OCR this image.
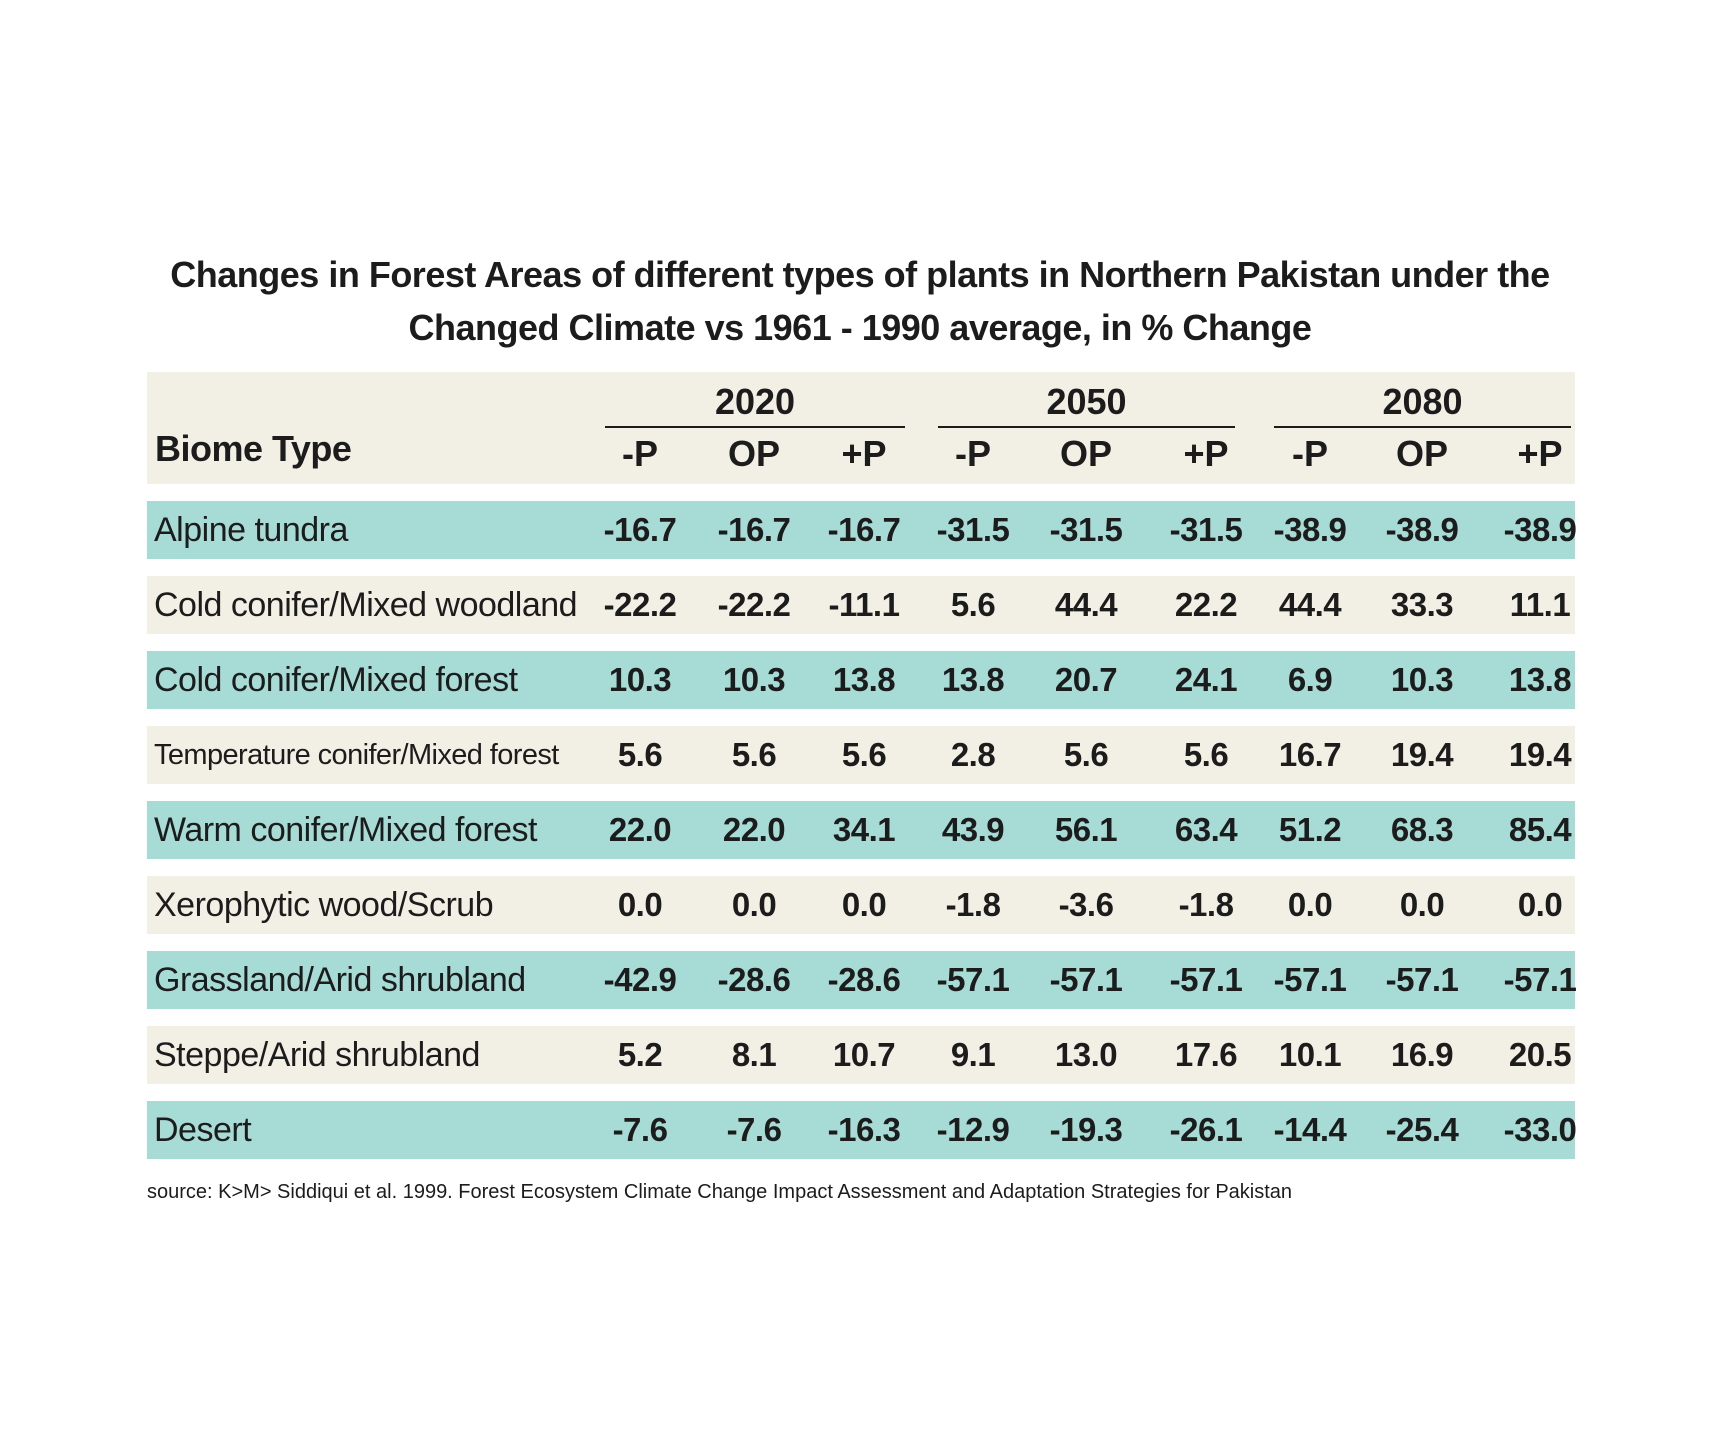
Changes in Forest Areas of different types of plants in Northern Pakistan under the
Changed Climate vs 1961 - 1990 average, in % Change
Biome Type
2020
-P	OP	+P
2050
-P	OP	+P
2080
-P	OP	+P
Alpine tundra	-16.7	-16.7	-16.7	-31.5	-31.5	-31.5 -38.9	-38.9	-38.9
Cold conifer/Mixed woodland -22.2	-22.2	-11.1	5.6	44.4	22.2	44.4	33.3	11.1
Cold conifer/Mixed forest	10.3	10.3	13.8	13.8	20.7	24.1	6.9	10.3	13.8
Temperature conifer/Mixed forest	5.6	5.6	5.6	2.8	5.6	5.6	16.7	19.4	19.4
Warm conifer/Mixed forest	22.0	22.0	34.1	43.9	56.1	63.4	51.2	68.3	85.4
Xerophytic wood/Scrub	0.0	0.0	0.0	-1.8	-3.6	-1.8	0.0	0.0	0.0
Grassland/Arid shrubland	-42.9	-28.6	-28.6	-57.1	-57.1	-57.1 -57.1	-57.1	-57.1
Steppe/Arid shrubland	5.2	8.1	10.7	9.1	13.0	17.6	10.1	16.9	20.5
Desert	-7.6	-7.6	-16.3	-12.9	-19.3	-26.1 -14.4	-25.4	-33.0
source: K>M> Siddiqui et al. 1999. Forest Ecosystem Climate Change Impact Assessment and Adaptation Strategies for Pakistan
